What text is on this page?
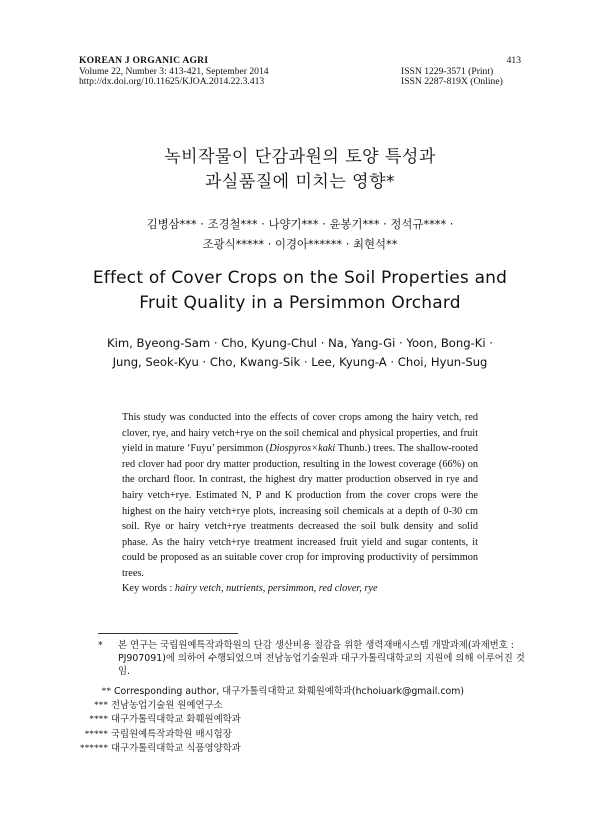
KOREAN J ORGANIC AGRI
Volume 22, Number 3: 413-421, September 2014
http://dx.doi.org/10.11625/KJOA.2014.22.3.413
413
ISSN 1229-3571 (Print)
ISSN 2287-819X (Online)
녹비작물이 단감과원의 토양 특성과
과실품질에 미치는 영향*
김병삼*** · 조경철*** · 나양기*** · 윤봉기*** · 정석규**** ·
조광식***** · 이경아****** · 최현석**
Effect of Cover Crops on the Soil Properties and
Fruit Quality in a Persimmon Orchard
Kim, Byeong-Sam · Cho, Kyung-Chul · Na, Yang-Gi · Yoon, Bong-Ki ·
Jung, Seok-Kyu · Cho, Kwang-Sik · Lee, Kyung-A · Choi, Hyun-Sug
This study was conducted into the effects of cover crops among the hairy vetch, red clover, rye, and hairy vetch+rye on the soil chemical and physical properties, and fruit yield in mature ‘Fuyu’ persimmon (Diospyros×kaki Thunb.) trees. The shallow-rooted red clover had poor dry matter production, resulting in the lowest coverage (66%) on the orchard floor. In contrast, the highest dry matter production observed in rye and hairy vetch+rye. Estimated N, P and K production from the cover crops were the highest on the hairy vetch+rye plots, increasing soil chemicals at a depth of 0-30 cm soil. Rye or hairy vetch+rye treatments decreased the soil bulk density and solid phase. As the hairy vetch+rye treatment increased fruit yield and sugar contents, it could be proposed as an suitable cover crop for improving productivity of persimmon trees.
Key words : hairy vetch, nutrients, persimmon, red clover, rye
* 본 연구는 국립원예특작과학원의 단감 생산비용 절감을 위한 생력재배시스템 개발과제(과제번호 : PJ907091)에 의하여 수행되었으며 전남농업기술원과 대구가톨릭대학교의 지원에 의해 이루어진 것임.
** Corresponding author, 대구가톨릭대학교 화훼원예학과(hchoiuark@gmail.com)
*** 전남농업기술원 원예연구소
**** 대구가톨릭대학교 화훼원예학과
***** 국립원예특작과학원 배시험장
****** 대구가톨릭대학교 식품영양학과
